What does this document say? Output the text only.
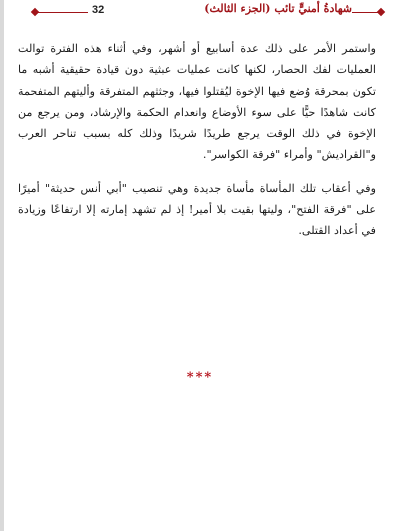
32	شهادةُ أمنيٍّ تائب (الجزء الثالث)

واستمر الأمر على ذلك عدة أسابيع أو أشهر، وفي أثناء هذه الفترة توالت العمليات لفك الحصار، لكنها كانت عمليات عبثية دون قيادة حقيقية أشبه ما تكون بمحرقة وُضع فيها الإخوة ليُقتلوا فيها، وجثثهم المتفرقة وأليتهم المتفحمة كانت شاهدًا حيًّا على سوء الأوضاع وانعدام الحكمة والإرشاد، ومن يرجع من الإخوة في ذلك الوقت يرجع طريدًا شريدًا وذلك كله بسبب تناحر العرب و"القراديش" وأمراء "فرقة الكواسر".

وفي أعقاب تلك المأساة مأساة جديدة وهي تنصيب "أبي أنس حديثة" أميرًا على "فرقة الفتح"، وليتها بقيت بلا أمير! إذ لم تشهد إمارته إلا ارتفاعًا وزيادة في أعداد القتلى.

***
